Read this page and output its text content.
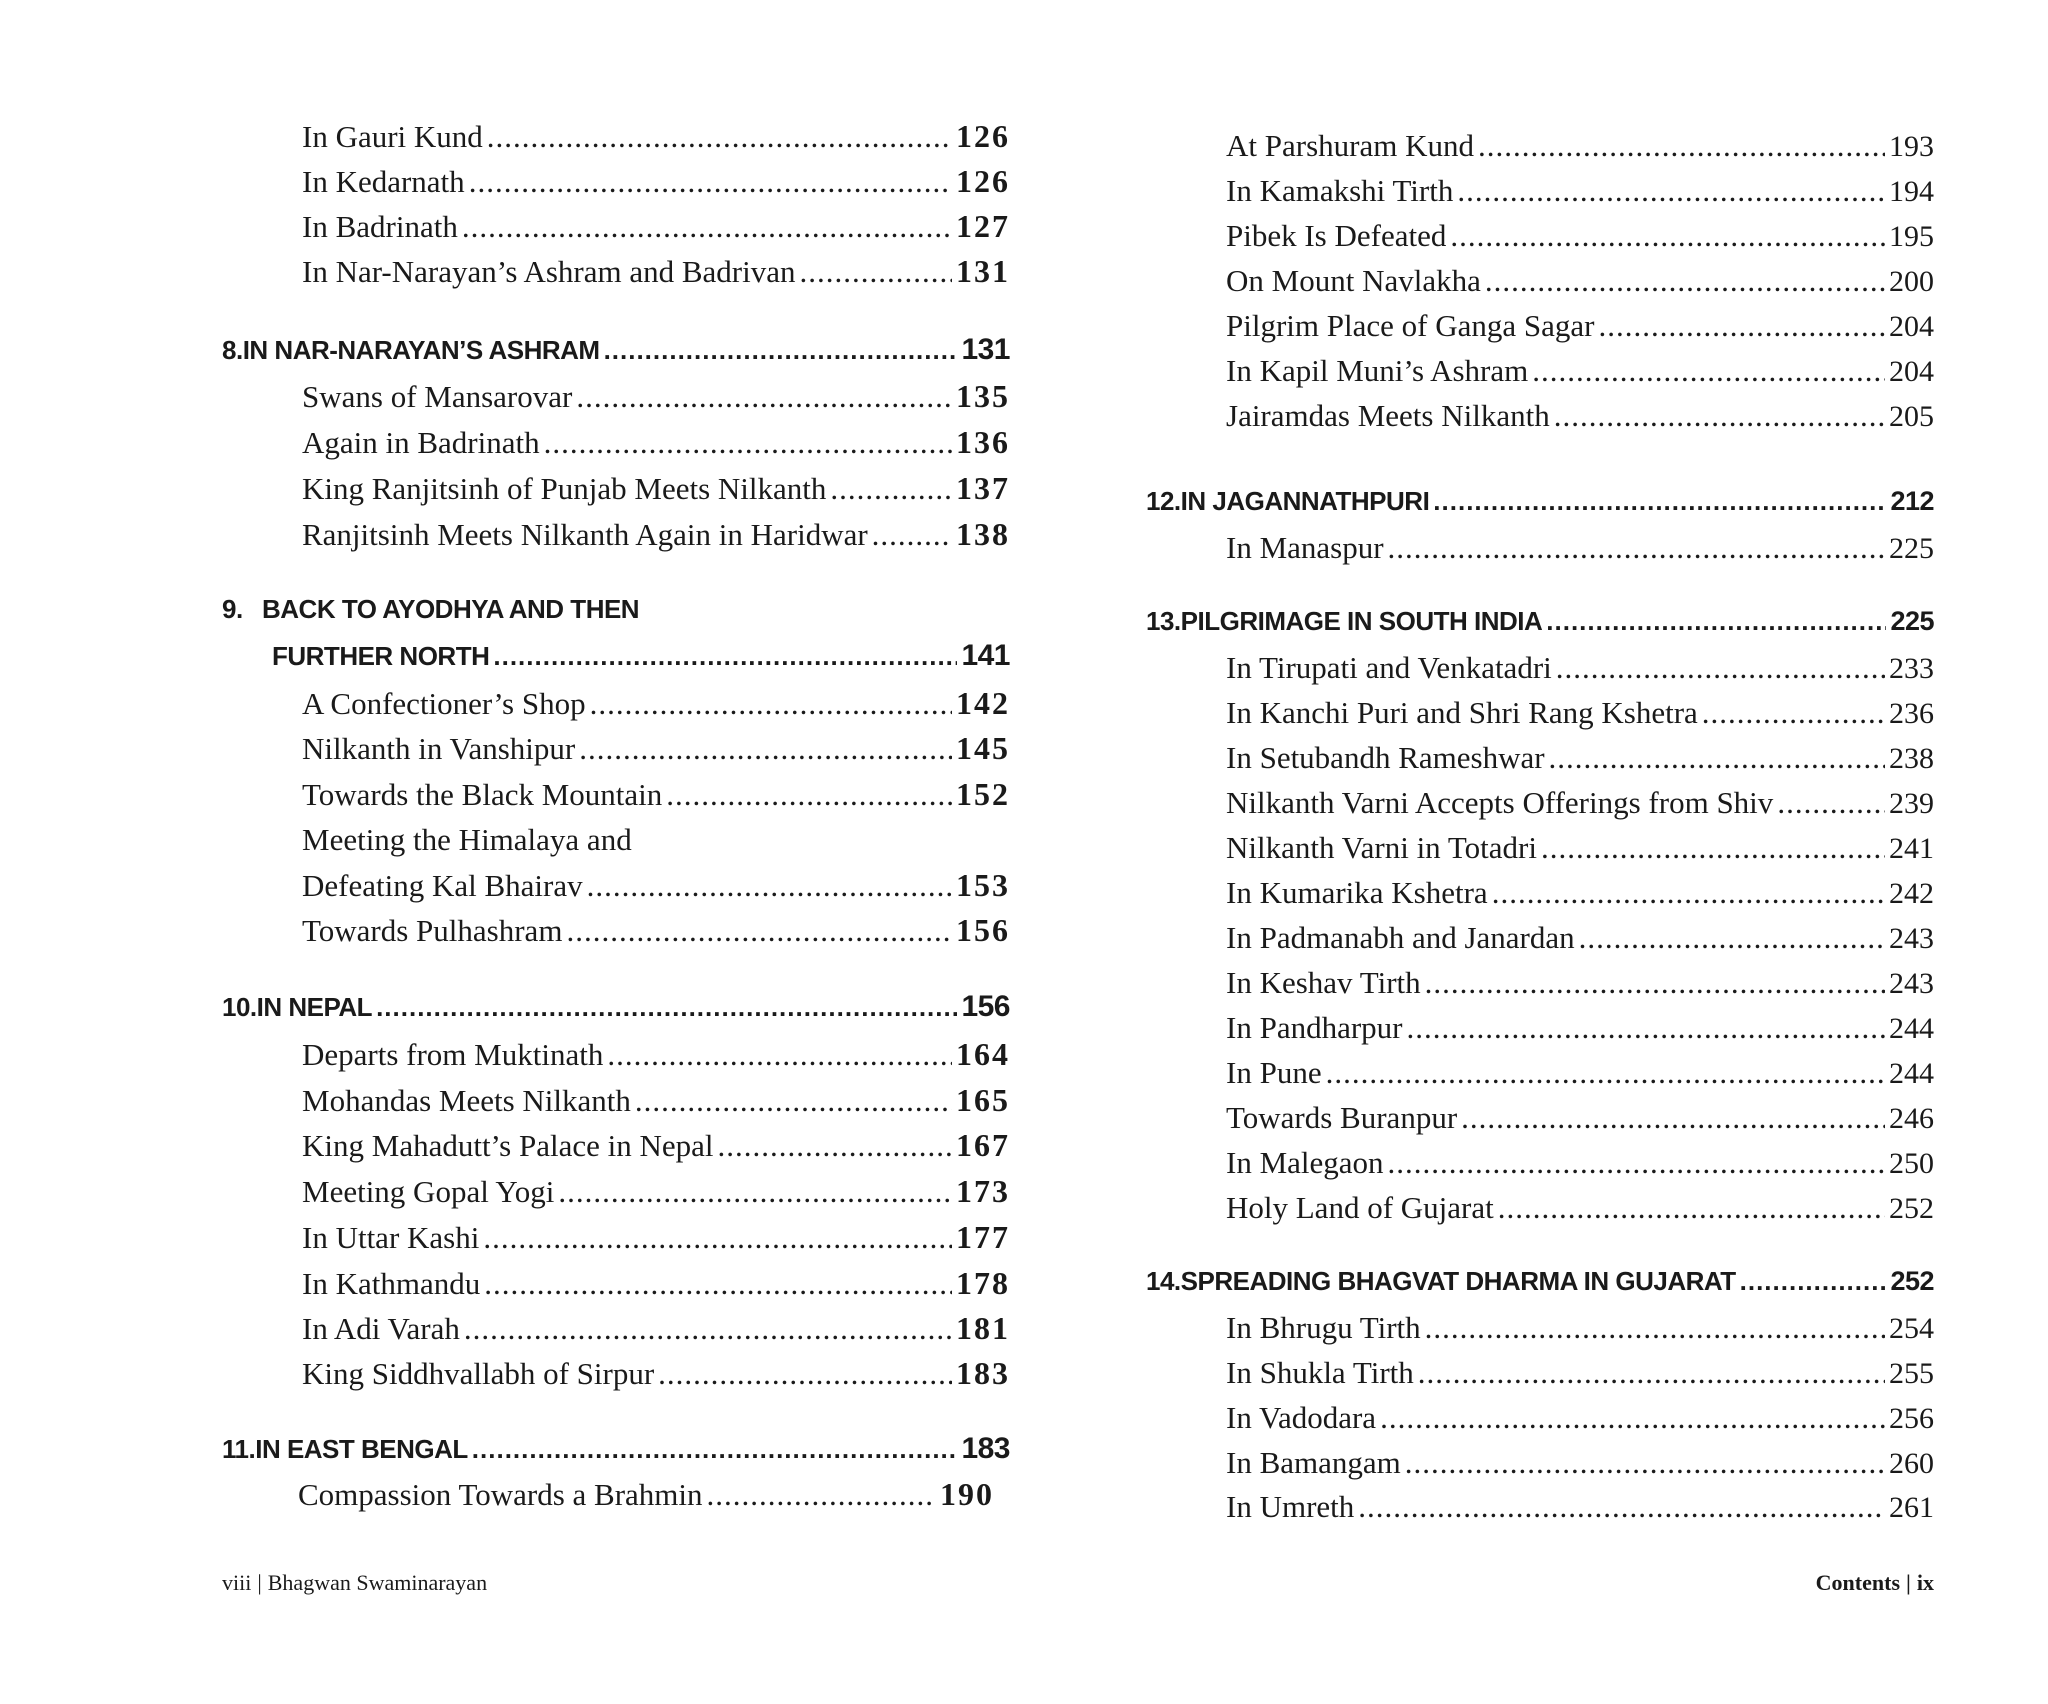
In Gauri Kund .....	126
In Kedarnath .....	126
In Badrinath .....	127
In Nar-Narayan’s Ashram and Badrivan .....	131
8. IN NAR-NARAYAN’S ASHRAM .....	131
Swans of Mansarovar .....	135
Again in Badrinath .....	136
King Ranjitsinh of Punjab Meets Nilkanth .....	137
Ranjitsinh Meets Nilkanth Again in Haridwar .....	138
9. BACK TO AYODHYA AND THEN
FURTHER NORTH .....	141
A Confectioner’s Shop .....	142
Nilkanth in Vanshipur .....	145
Towards the Black Mountain .....	152
Meeting the Himalaya and
Defeating Kal Bhairav .....	153
Towards Pulhashram .....	156
10. IN NEPAL .....	156
Departs from Muktinath .....	164
Mohandas Meets Nilkanth .....	165
King Mahadutt’s Palace in Nepal .....	167
Meeting Gopal Yogi .....	173
In Uttar Kashi .....	177
In Kathmandu .....	178
In Adi Varah .....	181
King Siddhvallabh of Sirpur .....	183
11. IN EAST BENGAL .....	183
Compassion Towards a Brahmin .....	190
viii | Bhagwan Swaminarayan
At Parshuram Kund .....	193
In Kamakshi Tirth .....	194
Pibek Is Defeated .....	195
On Mount Navlakha .....	200
Pilgrim Place of Ganga Sagar .....	204
In Kapil Muni’s Ashram .....	204
Jairamdas Meets Nilkanth .....	205
12. IN JAGANNATHPURI .....	212
In Manaspur .....	225
13. PILGRIMAGE IN SOUTH INDIA .....	225
In Tirupati and Venkatadri .....	233
In Kanchi Puri and Shri Rang Kshetra .....	236
In Setubandh Rameshwar .....	238
Nilkanth Varni Accepts Offerings from Shiv .....	239
Nilkanth Varni in Totadri .....	241
In Kumarika Kshetra .....	242
In Padmanabh and Janardan .....	243
In Keshav Tirth .....	243
In Pandharpur .....	244
In Pune .....	244
Towards Buranpur .....	246
In Malegaon .....	250
Holy Land of Gujarat .....	252
14. SPREADING BHAGVAT DHARMA IN GUJARAT .....	252
In Bhrugu Tirth .....	254
In Shukla Tirth .....	255
In Vadodara .....	256
In Bamangam .....	260
In Umreth .....	261
Contents | ix
